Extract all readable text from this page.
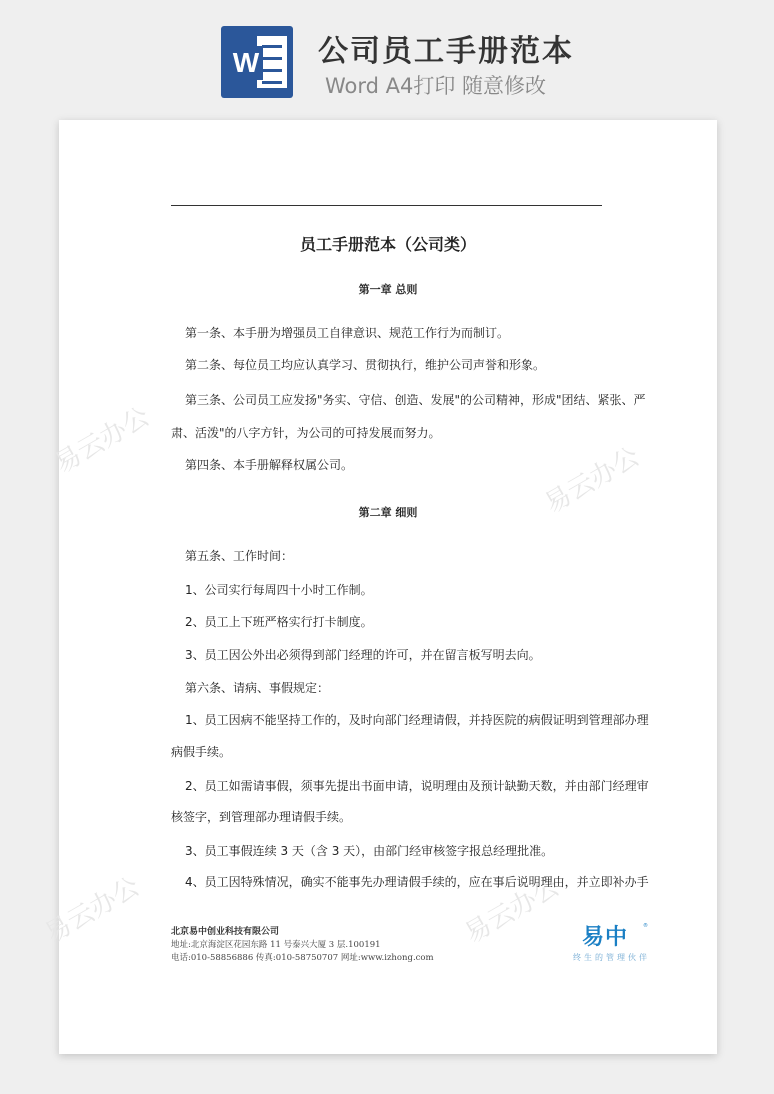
W 公司员工手册范本
Word A4打印 随意修改
易云办公
易云办公
易云办公	易云办公
员工手册范本（公司类）
第一章 总则
第一条、本手册为增强员工自律意识、规范工作行为而制订。
第二条、每位员工均应认真学习、贯彻执行，维护公司声誉和形象。
第三条、公司员工应发扬"务实、守信、创造、发展"的公司精神，形成"团结、紧张、严
肃、活泼"的八字方针，为公司的可持发展而努力。
第四条、本手册解释权属公司。
第二章 细则
第五条、工作时间：
1、公司实行每周四十小时工作制。
2、员工上下班严格实行打卡制度。
3、员工因公外出必须得到部门经理的许可，并在留言板写明去向。
第六条、请病、事假规定：
1、员工因病不能坚持工作的，及时向部门经理请假，并持医院的病假证明到管理部办理
病假手续。
2、员工如需请事假，须事先提出书面申请，说明理由及预计缺勤天数，并由部门经理审
核签字，到管理部办理请假手续。
3、员工事假连续 3 天（含 3 天），由部门经审核签字报总经理批准。
4、员工因特殊情况，确实不能事先办理请假手续的，应在事后说明理由，并立即补办手
北京易中创业科技有限公司
地址:北京海淀区花园东路 11 号泰兴大厦 3 层.100191
电话:010-58856886 传真:010-58750707 网址:www.izhong.com
易中	®
终生的管理伙伴
